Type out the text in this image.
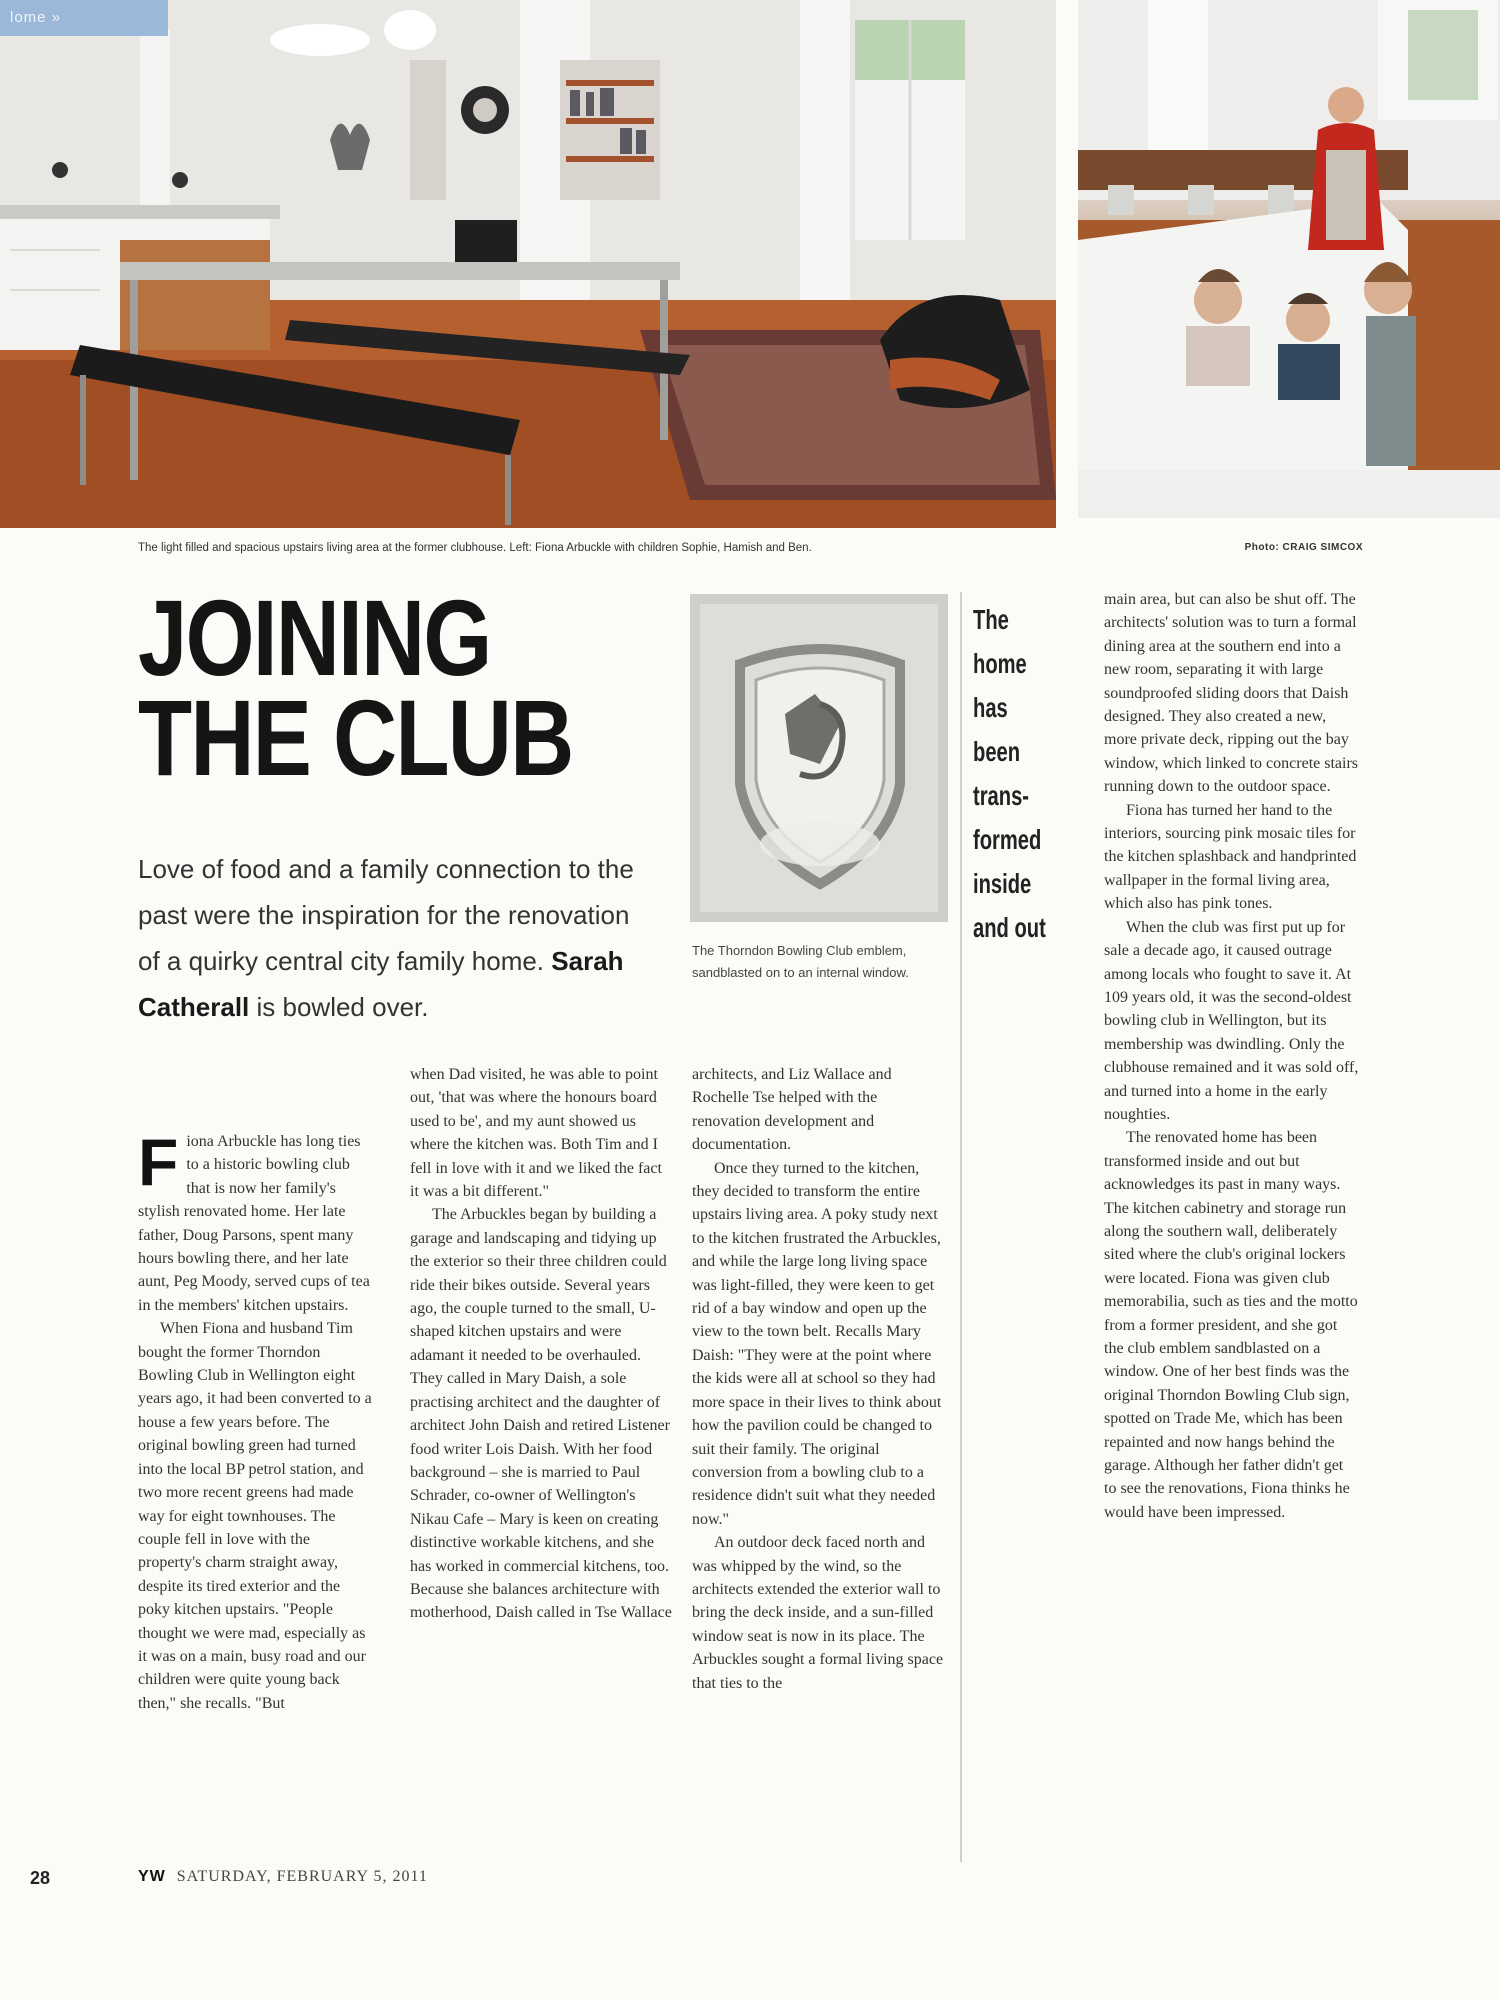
lome »
The light filled and spacious upstairs living area at the former clubhouse. Left: Fiona Arbuckle with children Sophie, Hamish and Ben.	Photo: CRAIG SIMCOX
JOINING
THE CLUB
Love of food and a family connection to the past were the inspiration for the renovation of a quirky central city family home. Sarah Catherall is bowled over.
The Thorndon Bowling Club emblem, sandblasted on to an internal window.
The home has been trans-formed inside and out

Fiona Arbuckle has long ties to a historic bowling club that is now her family's stylish renovated home. Her late father, Doug Parsons, spent many hours bowling there, and her late aunt, Peg Moody, served cups of tea in the members' kitchen upstairs.

When Fiona and husband Tim bought the former Thorndon Bowling Club in Wellington eight years ago, it had been converted to a house a few years before. The original bowling green had turned into the local BP petrol station, and two more recent greens had made way for eight townhouses. The couple fell in love with the property's charm straight away, despite its tired exterior and the poky kitchen upstairs. "People thought we were mad, especially as it was on a main, busy road and our children were quite young back then," she recalls. "But

when Dad visited, he was able to point out, 'that was where the honours board used to be', and my aunt showed us where the kitchen was. Both Tim and I fell in love with it and we liked the fact it was a bit different."

The Arbuckles began by building a garage and landscaping and tidying up the exterior so their three children could ride their bikes outside. Several years ago, the couple turned to the small, U-shaped kitchen upstairs and were adamant it needed to be overhauled. They called in Mary Daish, a sole practising architect and the daughter of architect John Daish and retired Listener food writer Lois Daish. With her food background – she is married to Paul Schrader, co-owner of Wellington's Nikau Cafe – Mary is keen on creating distinctive workable kitchens, and she has worked in commercial kitchens, too. Because she balances architecture with motherhood, Daish called in Tse Wallace

architects, and Liz Wallace and Rochelle Tse helped with the renovation development and documentation.

Once they turned to the kitchen, they decided to transform the entire upstairs living area. A poky study next to the kitchen frustrated the Arbuckles, and while the large long living space was light-filled, they were keen to get rid of a bay window and open up the view to the town belt. Recalls Mary Daish: "They were at the point where the kids were all at school so they had more space in their lives to think about how the pavilion could be changed to suit their family. The original conversion from a bowling club to a residence didn't suit what they needed now."

An outdoor deck faced north and was whipped by the wind, so the architects extended the exterior wall to bring the deck inside, and a sun-filled window seat is now in its place. The Arbuckles sought a formal living space that ties to the

main area, but can also be shut off. The architects' solution was to turn a formal dining area at the southern end into a new room, separating it with large soundproofed sliding doors that Daish designed. They also created a new, more private deck, ripping out the bay window, which linked to concrete stairs running down to the outdoor space.

Fiona has turned her hand to the interiors, sourcing pink mosaic tiles for the kitchen splashback and handprinted wallpaper in the formal living area, which also has pink tones.

When the club was first put up for sale a decade ago, it caused outrage among locals who fought to save it. At 109 years old, it was the second-oldest bowling club in Wellington, but its membership was dwindling. Only the clubhouse remained and it was sold off, and turned into a home in the early noughties.

The renovated home has been transformed inside and out but acknowledges its past in many ways. The kitchen cabinetry and storage run along the southern wall, deliberately sited where the club's original lockers were located. Fiona was given club memorabilia, such as ties and the motto from a former president, and she got the club emblem sandblasted on a window. One of her best finds was the original Thorndon Bowling Club sign, spotted on Trade Me, which has been repainted and now hangs behind the garage. Although her father didn't get to see the renovations, Fiona thinks he would have been impressed.

28	YW SATURDAY, FEBRUARY 5, 2011
